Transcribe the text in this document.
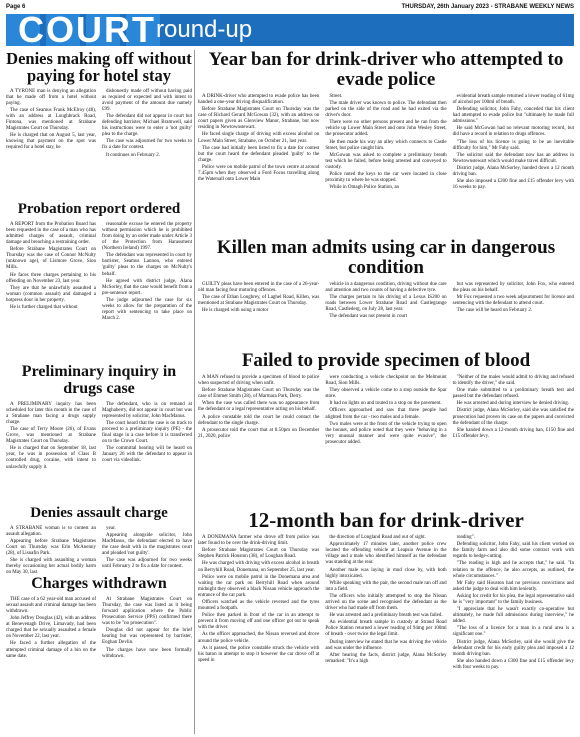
Page 6	THURSDAY, 26th January 2023 - STRABANE WEEKLY NEWS
COURT round-up
Denies making off without paying for hotel stay

A TYRONE man is denying an allegation that he made off from a hotel without paying.

The case of Seamus Frank McElroy (48), with an address at Loughbrack Road, Fintona, was mentioned at Strabane Magistrates Court on Thursday.

He is charged that on August 5, last year, knowing that payment on the spot was required for a hotel stay, he

dishonestly made off without having paid as required or expected and with intent to avoid payment of the amount due namely £99.

The defendant did not appear in court but defending barrister, Michael Bramwell, said his instructions were to enter a 'not guilty' plea to the charge.

The case was adjourned for two weeks to fix a date for contest.

It continues on February 2.

Probation report ordered

A REPORT from the Probation Board has been requested in the case of a man who has admitted charges of assault, criminal damage and breaching a restraining order.

Before Strabane Magistrates Court on Thursday was the case of Connor McNulty (unknown age), of Lismore Grove, Sion Mills.

He faces three charges pertaining to his offending on November 23, last year.

They are that he unlawfully assaulted a woman (common assault) and damaged a hotpress door in her property.

He is further charged that without

reasonable excuse he entered the property without permission which he is prohibited from doing by an order made under Article 3 of the Protection from Harassment (Northern Ireland) 1997.

The defendant was represented in court by barrister, Seamus Lannon, who entered 'guilty' pleas to the charges on McNulty's behalf.

He agreed with district judge, Alana McSorley, that the case would benefit from a pre-sentence report.

The judge adjourned the case for six weeks to allow for the preparation of the report with sentencing to take place on March 2.

Preliminary inquiry in drugs case

A PRELIMINARY inquiry has been scheduled for later this month in the case of a Strabane man facing a drugs supply charge.

The case of Terry Moore (26), of Evans Grove, was mentioned at Strabane Magistrates Court on Thursday.

He is charged that on September 18, last year, he was in possession of Class B controlled drug, cocaine, with intent to unlawfully supply it.

The defendant, who is on remand at Maghaberry, did not appear in court but was represented by solicitor, John MacManus.

The court heard that the case is on track to proceed to a preliminary inquiry (PE) - the final stage in a case before it is transferred on to the Crown Court.

The committal hearing will be heard on January 26 with the defendant to appear in court via videolink.

Denies assault charge

A STRABANE woman is to contest an assault allegation.

Appearing before Strabane Magistrates Court on Thursday was Erin McAnenny (28), of Lisnafin Park.

She is charged with assaulting a woman thereby occasioning her actual bodily harm on May 30, last

year.

Appearing alongside solicitor, John MacManus, the defendant elected to have the case dealt with in the magistrates court and pleaded 'not guilty'.

The case was adjourned for two weeks until February 2 to fix a date for contest.

Charges withdrawn

THE case of a 62 year-old man accused of sexual assault and criminal damage has been withdrawn.

John Jeffrey Douglas (42), with an address at Benevenagh Drive, Limavady, had been charged that he sexually assaulted a female on November 22, last year.

He faced a further allegation of the attempted criminal damage of a bin on the same date.

At Strabane Magistrates Court on Thursday, the case was listed as it being forward application where the Public Prosecution Service (PPS) confirmed there was to be "no prosecution".

Douglas did not appear for the brief hearing but was represented by barrister, Eoghan Devlin.

The charges have now been formally withdrawn.

Year ban for drink-driver who attempted to evade police

A DRINK-driver who attempted to evade police has been handed a one-year driving disqualification.

Before Strabane Magistrates Court on Thursday was the case of Richard Gerard McGowan (32), with an address on court papers given as Glenview Manor, Strabane, but now residing in Newtownstewart.

He faced single charge of driving with excess alcohol on Lower Main Street, Strabane, on October 21, last year.

The case had initially been listed to fix a date for contest but the court heard the defendant pleaded 'guilty' to the charge.

Police were on mobile patrol of the town centre at around 7.45pm when they observed a Ford Focus travelling along the Watersall onto Lower Main

Street.

The male driver was known to police. The defendant then parked on the side of the road and he had exited via the driver's door.

There were no other persons present and he ran from the vehicle up Lower Main Street and onto John Wesley Street, the prosecutor added.

He then made his way an alley which connects to Castle Street, but police caught him.

McGowan was asked to complete a preliminary breath test which he failed, before being arrested and conveyed to custody.

Police noted the keys to the car were located in close proximity to where he was stopped.

While in Omagh Police Station, an

evidential breath sample returned a lower reading of 61mg of alcohol per 100ml of breath.

Defending solicitor, John Fahy, conceded that his client had attempted to evade police but "ultimately he made full admissions."

He said McGowan had no relevant motoring record, but did have a record in relation to drugs offences.

"The loss of his licence is going to be an inevitable difficulty for him," Mr Fahy said.

The solicitor said the defendant now has an address in Newtownstewart which would make travel difficult.

District judge, Alana McSorley, handed down a 12 month driving ban.

She also imposed a £200 fine and £15 offender levy with 16 weeks to pay.

Killen man admits using car in dangerous condition

GUILTY pleas have been entered in the case of a 26-year-old man facing four motoring offences.

The case of Ethan Loughrey, of Laghel Road, Killen, was mentioned at Strabane Magistrates Court on Thursday.

He is charged with using a motor

vehicle in a dangerous condition, driving without due care and attention and two counts of having a defective tyre.

The charges pertain to his driving of a Lexus IS200 on roads between Lower Strabane Road and Castlegrange Road, Castlederg, on July 28, last year.

The defendant was not present in court

but was represented by solicitor, John Fox, who entered the pleas on his behalf.

Mr Fox requested a two week adjournment for licence and sentencing with the defendant to attend court.

The case will be heard on February 2.

Failed to provide specimen of blood

A MAN refused to provide a specimen of blood to police when suspected of driving when unfit.

Before Strabane Magistrates Court on Thursday was the case of Emmet Smith (28), of Marmara Park, Derry.

When the case was called there was no appearance from the defendant or a legal representative acting on his behalf.

A police constable told the court he could contact the defendant to the single charge.

A prosecutor told the court that at 8.50pm on December 21, 2020, police

were conducting a vehicle checkpoint on the Melmount Road, Sion Mills.

They observed a vehicle come to a stop outside the Spar store.

It had no lights on and touted to a stop on the pavement.

Officers approached and saw that three people had alighted from the car - two males and a female.

Two males were at the front of the vehicle trying to open the bonnet, and police noted that they were "behaving in a very unusual manner and were quite evasive", the prosecutor added.

"Neither of the males would admit to driving and refused to identify the driver," she said.

One male submitted to a preliminary breath test and passed but the defendant refused.

He was arrested and during interview he denied driving.

District judge, Alana McSorley, said she was satisfied the prosecution had proven its case on the papers and convicted the defendant of the charge.

She handed down a 12-month driving ban, £150 fine and £15 offender levy.

12-month ban for drink-driver

A DONEMANA farmer who drove off from police was later found to be over the drink-driving limit.

Before Strabane Magistrates Court on Thursday was Stephen Patrick Houston (38), of Loughan Road.

He was charged with driving with excess alcohol in breath on Berryhill Road, Donemana, on September 25, last year.

Police were on mobile patrol in the Donemana area and waiting the car park on Berryhill Road when around midnight they observed a black Nissan vehicle approach the entrance of the car park.

Officers watched as the vehicle reversed and the tyres mounted a footpath.

Police then parked in front of the car in an attempt to prevent it from moving off and one officer got out to speak with the driver.

As the officer approached, the Nissan reversed and drove around the police vehicle.

As it passed, the police constable struck the vehicle with his baton in attempt to stop it however the car drove off at speed in

the direction of Longland Road and out of sight.

Approximately 17 minutes later, another police crew located the offending vehicle at Leapsio Avenue in the village and a male who identified himself as the defendant was standing at the rear.

Another male was laying in mud close by, with both highly intoxicated.

While speaking with the pair, the second male ran off and into a field.

The officers who initially attempted to stop the Nissan arrived on the scene and recognised the defendant as the driver who had made off from them.

He was arrested and a preliminary breath test was failed.

An evidential breath sample in custody at Strand Road Police Station returned a lower reading of 94mg per 100ml of breath - over twice the legal limit.

During interview he stated that he was driving the vehicle and was under the influence.

After hearing the facts, district judge, Alana McSorley remarked: "It's a high

reading".

Defending solicitor, John Fahy, said his client worked on the family farm and also did some contract work with regards to hedge-cutting.

"The reading is high and he accepts that," he said. "In relation to the offence, he also accepts, as outlined, the whole circumstances."

Mr Fahy said Houston had no previous convictions and asked the judge to deal with him leniently.

Asking for credit for his plea, the legal representative said he is "very important" to the family business.

"I appreciate that he wasn't exactly co-operative but ultimately, he made full admissions during interview," he added.

"The loss of a licence for a man in a rural area is a significant one."

District judge, Alana McSorley, said she would give the defendant credit for his early guilty plea and imposed a 12 month driving ban.

She also handed down a £300 fine and £15 offender levy with four weeks to pay.
